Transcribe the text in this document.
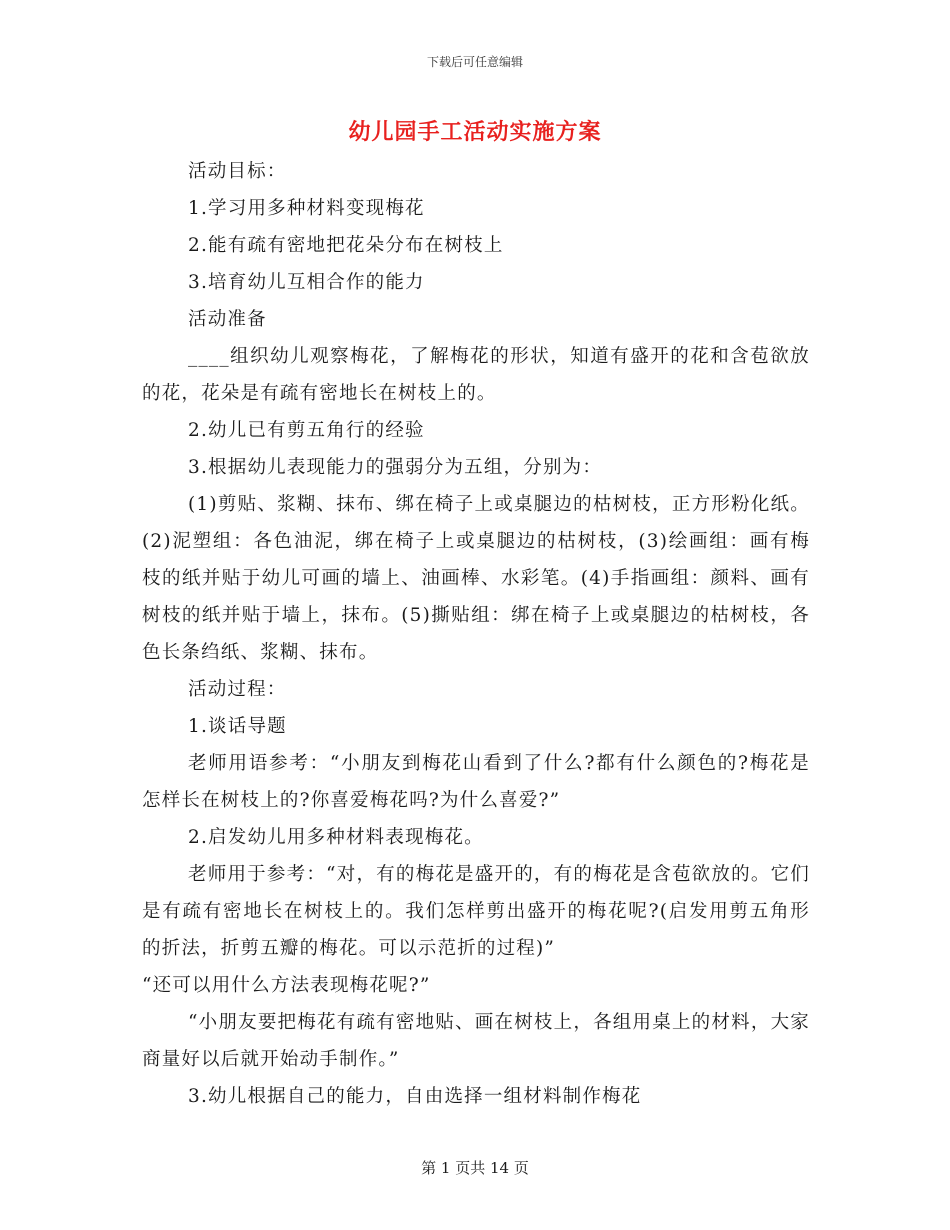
下载后可任意编辑
幼儿园手工活动实施方案

活动目标：

1.学习用多种材料变现梅花

2.能有疏有密地把花朵分布在树枝上

3.培育幼儿互相合作的能力

活动准备

____组织幼儿观察梅花，了解梅花的形状，知道有盛开的花和含苞欲放的花，花朵是有疏有密地长在树枝上的。

2.幼儿已有剪五角行的经验

3.根据幼儿表现能力的强弱分为五组，分别为：

(1)剪贴、浆糊、抹布、绑在椅子上或桌腿边的枯树枝，正方形粉化纸。(2)泥塑组：各色油泥，绑在椅子上或桌腿边的枯树枝，(3)绘画组：画有梅枝的纸并贴于幼儿可画的墙上、油画棒、水彩笔。(4)手指画组：颜料、画有树枝的纸并贴于墙上，抹布。(5)撕贴组：绑在椅子上或桌腿边的枯树枝，各色长条绉纸、浆糊、抹布。

活动过程：

1.谈话导题

老师用语参考：“小朋友到梅花山看到了什么?都有什么颜色的?梅花是怎样长在树枝上的?你喜爱梅花吗?为什么喜爱?”

2.启发幼儿用多种材料表现梅花。

老师用于参考：“对，有的梅花是盛开的，有的梅花是含苞欲放的。它们是有疏有密地长在树枝上的。我们怎样剪出盛开的梅花呢?(启发用剪五角形的折法，折剪五瓣的梅花。可以示范折的过程)”

“还可以用什么方法表现梅花呢?”

“小朋友要把梅花有疏有密地贴、画在树枝上，各组用桌上的材料，大家商量好以后就开始动手制作。”

3.幼儿根据自己的能力，自由选择一组材料制作梅花

第 1 页共 14 页
